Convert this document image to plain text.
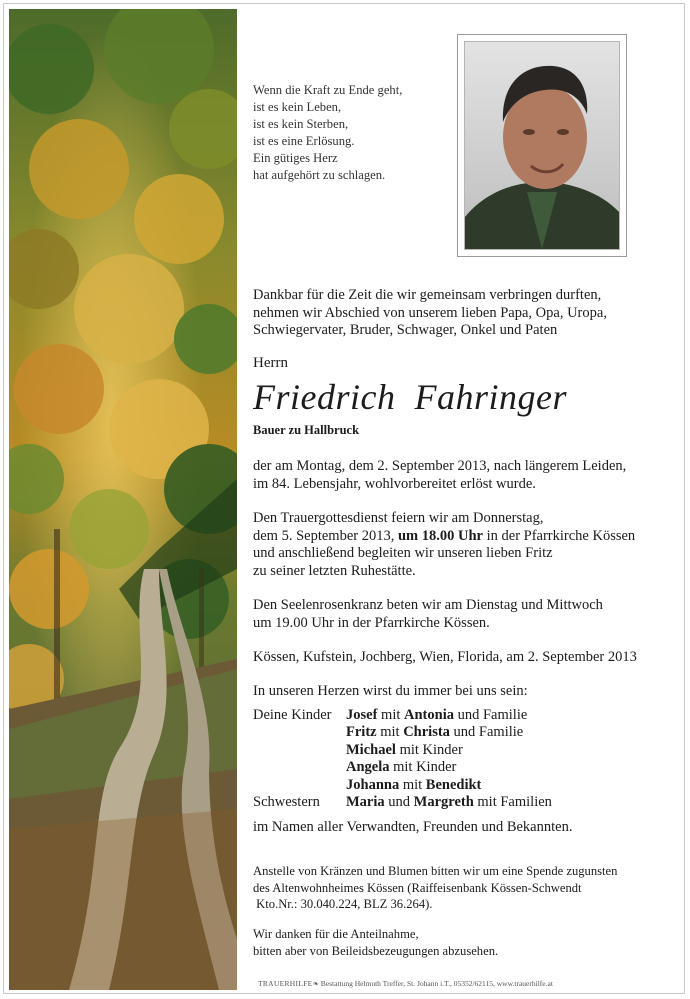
Wenn die Kraft zu Ende geht,
ist es kein Leben,
ist es kein Sterben,
ist es eine Erlösung.
Ein gütiges Herz
hat aufgehört zu schlagen.
Dankbar für die Zeit die wir gemeinsam verbringen durften,
nehmen wir Abschied von unserem lieben Papa, Opa, Uropa,
Schwiegervater, Bruder, Schwager, Onkel und Paten
Herrn
Friedrich  Fahringer
Bauer zu Hallbruck
der am Montag, dem 2. September 2013, nach längerem Leiden,
im 84. Lebensjahr, wohlvorbereitet erlöst wurde.
Den Trauergottesdienst feiern wir am Donnerstag,
dem 5. September 2013, um 18.00 Uhr in der Pfarrkirche Kössen
und anschließend begleiten wir unseren lieben Fritz
zu seiner letzten Ruhestätte.
Den Seelenrosenkranz beten wir am Dienstag und Mittwoch
um 19.00 Uhr in der Pfarrkirche Kössen.
Kössen, Kufstein, Jochberg, Wien, Florida, am 2. September 2013
In unseren Herzen wirst du immer bei uns sein:
Deine Kinder Josef mit Antonia und Familie
Fritz mit Christa und Familie
Michael mit Kinder
Angela mit Kinder
Johanna mit Benedikt
Schwestern	Maria und Margreth mit Familien
im Namen aller Verwandten, Freunden und Bekannten.
Anstelle von Kränzen und Blumen bitten wir um eine Spende zugunsten
des Altenwohnheimes Kössen (Raiffeisenbank Kössen-Schwendt
Kto.Nr.: 30.040.224, BLZ 36.264).
Wir danken für die Anteilnahme,
bitten aber von Beileidsbezeugungen abzusehen.
TRAUERHILFE❧ Bestattung Helmuth Treffer, St. Johann i.T., 05352/62115, www.trauerhilfe.at
